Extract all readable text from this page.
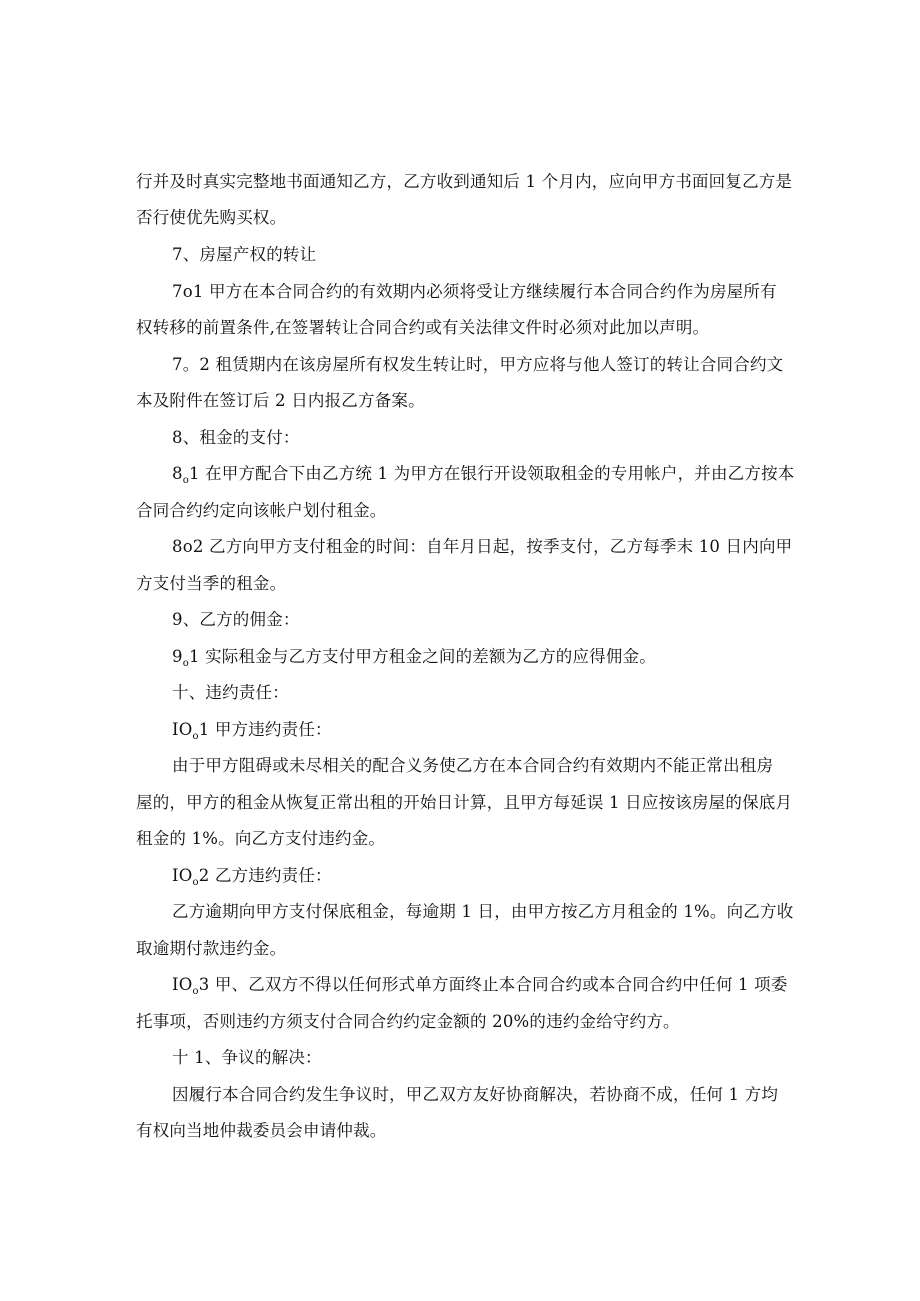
行并及时真实完整地书面通知乙方，乙方收到通知后 1 个月内，应向甲方书面回复乙方是
否行使优先购买权。
7、房屋产权的转让
7o1 甲方在本合同合约的有效期内必须将受让方继续履行本合同合约作为房屋所有
权转移的前置条件,在签署转让合同合约或有关法律文件时必须对此加以声明。
7。2 租赁期内在该房屋所有权发生转让时，甲方应将与他人签订的转让合同合约文
本及附件在签订后 2 日内报乙方备案。
8、租金的支付：
$8_o1$ 在甲方配合下由乙方统 1 为甲方在银行开设领取租金的专用帐户，并由乙方按本
合同合约约定向该帐户划付租金。
8o2 乙方向甲方支付租金的时间：自年月日起，按季支付，乙方每季末 10 日内向甲
方支付当季的租金。
9、乙方的佣金：
$9_o1$ 实际租金与乙方支付甲方租金之间的差额为乙方的应得佣金。
十、违约责任：
$IO_o1$ 甲方违约责任：
由于甲方阻碍或未尽相关的配合义务使乙方在本合同合约有效期内不能正常出租房
屋的，甲方的租金从恢复正常出租的开始日计算，且甲方每延误 1 日应按该房屋的保底月
租金的 1%。向乙方支付违约金。
$IO_o2$ 乙方违约责任：
乙方逾期向甲方支付保底租金，每逾期 1 日，由甲方按乙方月租金的 1%。向乙方收
取逾期付款违约金。
$IO_o3$ 甲、乙双方不得以任何形式单方面终止本合同合约或本合同合约中任何 1 项委
托事项，否则违约方须支付合同合约约定金额的 20%的违约金给守约方。
十 1、争议的解决：
因履行本合同合约发生争议时，甲乙双方友好协商解决，若协商不成，任何 1 方均
有权向当地仲裁委员会申请仲裁。
